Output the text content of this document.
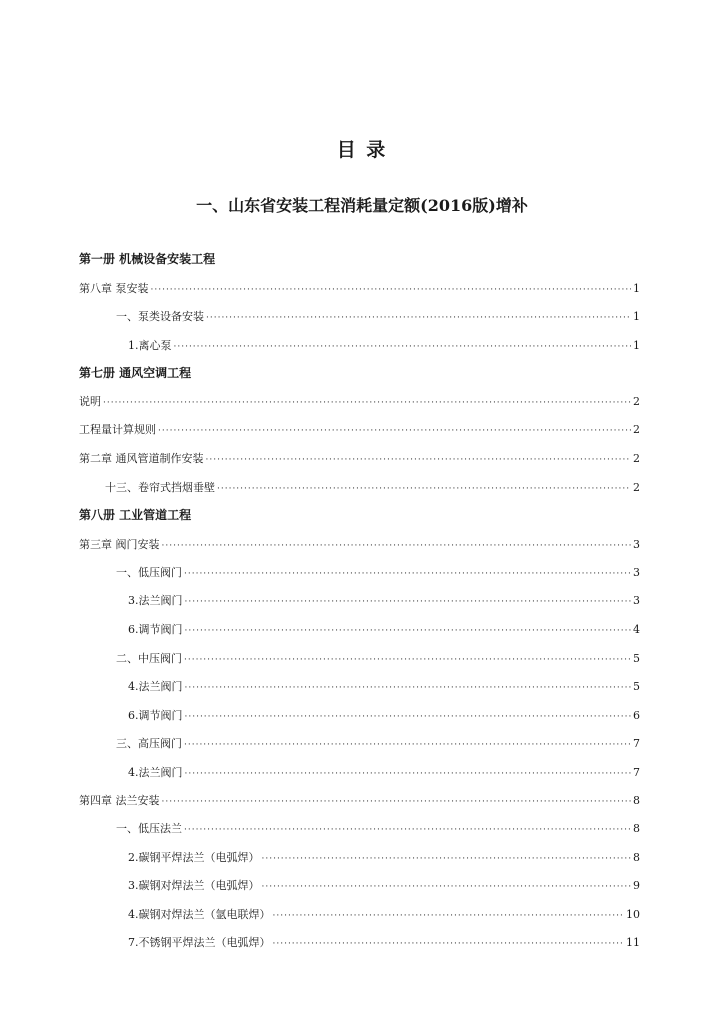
目 录
一、山东省安装工程消耗量定额(2016版)增补
第一册 机械设备安装工程
第八章 泵安装 ·····	1
一、泵类设备安装 ·····	1
1.离心泵 ·····	1
第七册 通风空调工程
说明 ·····	2
工程量计算规则 ·····	2
第二章 通风管道制作安装 ·····	2
十三、卷帘式挡烟垂壁 ·····	2
第八册 工业管道工程
第三章 阀门安装 ·····	3
一、低压阀门 ·····	3
3.法兰阀门 ·····	3
6.调节阀门 ·····	4
二、中压阀门 ·····	5
4.法兰阀门 ·····	5
6.调节阀门 ·····	6
三、高压阀门 ·····	7
4.法兰阀门 ·····	7
第四章 法兰安装 ·····	8
一、低压法兰 ·····	8
2.碳钢平焊法兰（电弧焊） ·····	8
3.碳钢对焊法兰（电弧焊） ·····	9
4.碳钢对焊法兰（氩电联焊） ·····	10
7.不锈钢平焊法兰（电弧焊） ·····	11
